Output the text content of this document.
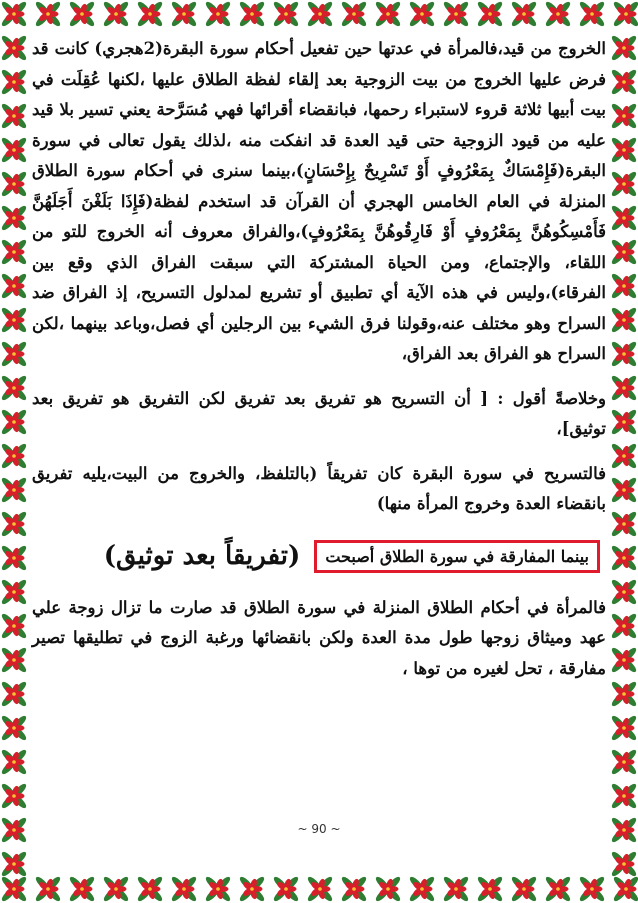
الخروج من قيد،فالمرأة في عدتها حين تفعيل أحكام سورة البقرة(2هجري) كانت قد فرض عليها الخروج من بيت الزوجية بعد إلقاء لفظة الطلاق عليها ،لكنها عُقِلَت في بيت أبيها ثلاثة قروء لاستبراء رحمها، فبانقضاء أقرائها فهي مُسَرَّحة يعني تسير بلا قيد عليه من قيود الزوجية حتى قيد العدة قد انفكت منه ،لذلك يقول تعالى في سورة البقرة(فَإِمْسَاكٌ بِمَعْرُوفٍ أَوْ تَسْرِيحٌ بِإِحْسَانٍ)،بينما سنرى في أحكام سورة الطلاق المنزلة في العام الخامس الهجري أن القرآن قد استخدم لفظة(فَإِذَا بَلَغْنَ أَجَلَهُنَّ فَأَمْسِكُوهُنَّ بِمَعْرُوفٍ أَوْ فَارِقُوهُنَّ بِمَعْرُوفٍ)،والفراق معروف أنه الخروج للتو من اللقاء، والإجتماع، ومن الحياة المشتركة التي سبقت الفراق الذي وقع بين الفرقاء)،وليس في هذه الآية أي تطبيق أو تشريع لمدلول التسريح، إذ الفراق ضد السراح وهو مختلف عنه،وقولنا فرق الشيء بين الرجلين أي فصل،وباعد بينهما ،لكن السراح هو الفراق بعد الفراق،

وخلاصةً أقول : [ أن التسريح هو تفريق بعد تفريق لكن التفريق هو تفريق بعد توثيق]،

فالتسريح في سورة البقرة كان تفريقاً (بالتلفظ، والخروج من البيت،يليه تفريق بانقضاء العدة وخروج المرأة منها)

بينما المفارقة في سورة الطلاق أصبحت
(تفريقاً بعد توثيق)

فالمرأة في أحكام الطلاق المنزلة في سورة الطلاق قد صارت ما تزال زوجة علي عهد وميثاق زوجها طول مدة العدة ولكن بانقضائها ورغبة الزوج في تطليقها تصير مفارقة ، تحل لغيره من توها ،

~ 90 ~
